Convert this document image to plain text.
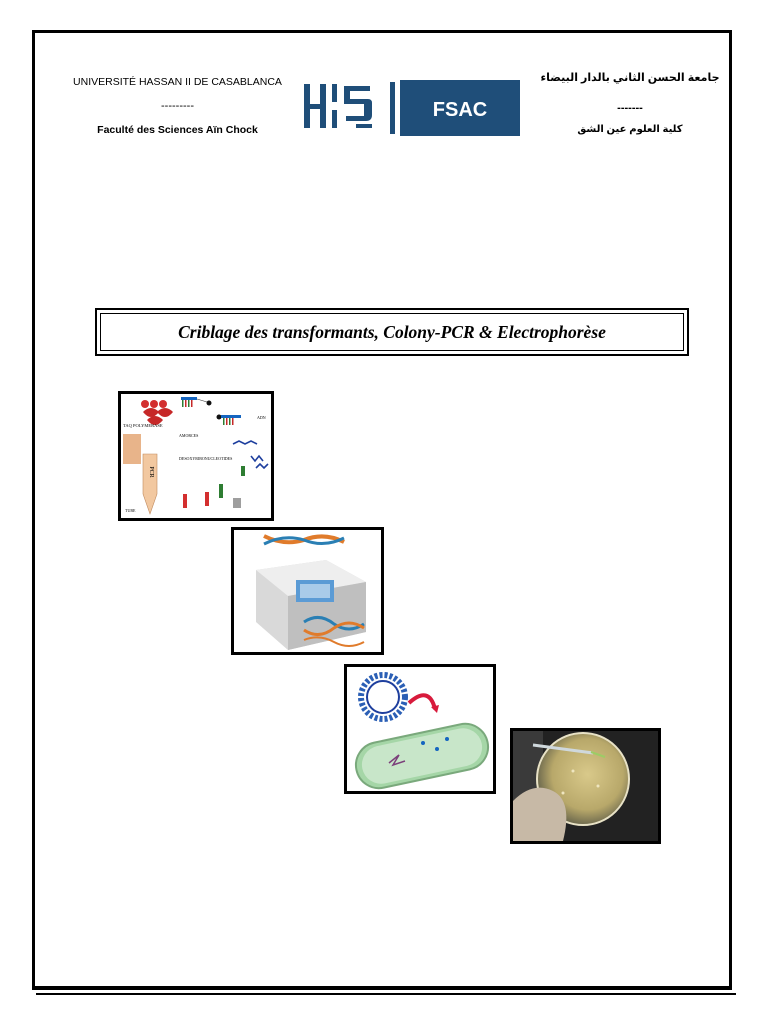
UNIVERSITÉ HASSAN II DE CASABLANCA
---------
Faculté des Sciences Aïn Chock
FSAC
جامعة الحسن الثاني بالدار البيضاء
-------
كلية العلوم عين الشق
Criblage des transformants, Colony-PCR & Electrophorèse
TAQ POLYMERASE
AMORCES
ADN
DESOXYRIBONUCLEOTIDES
PCR
TUBE
